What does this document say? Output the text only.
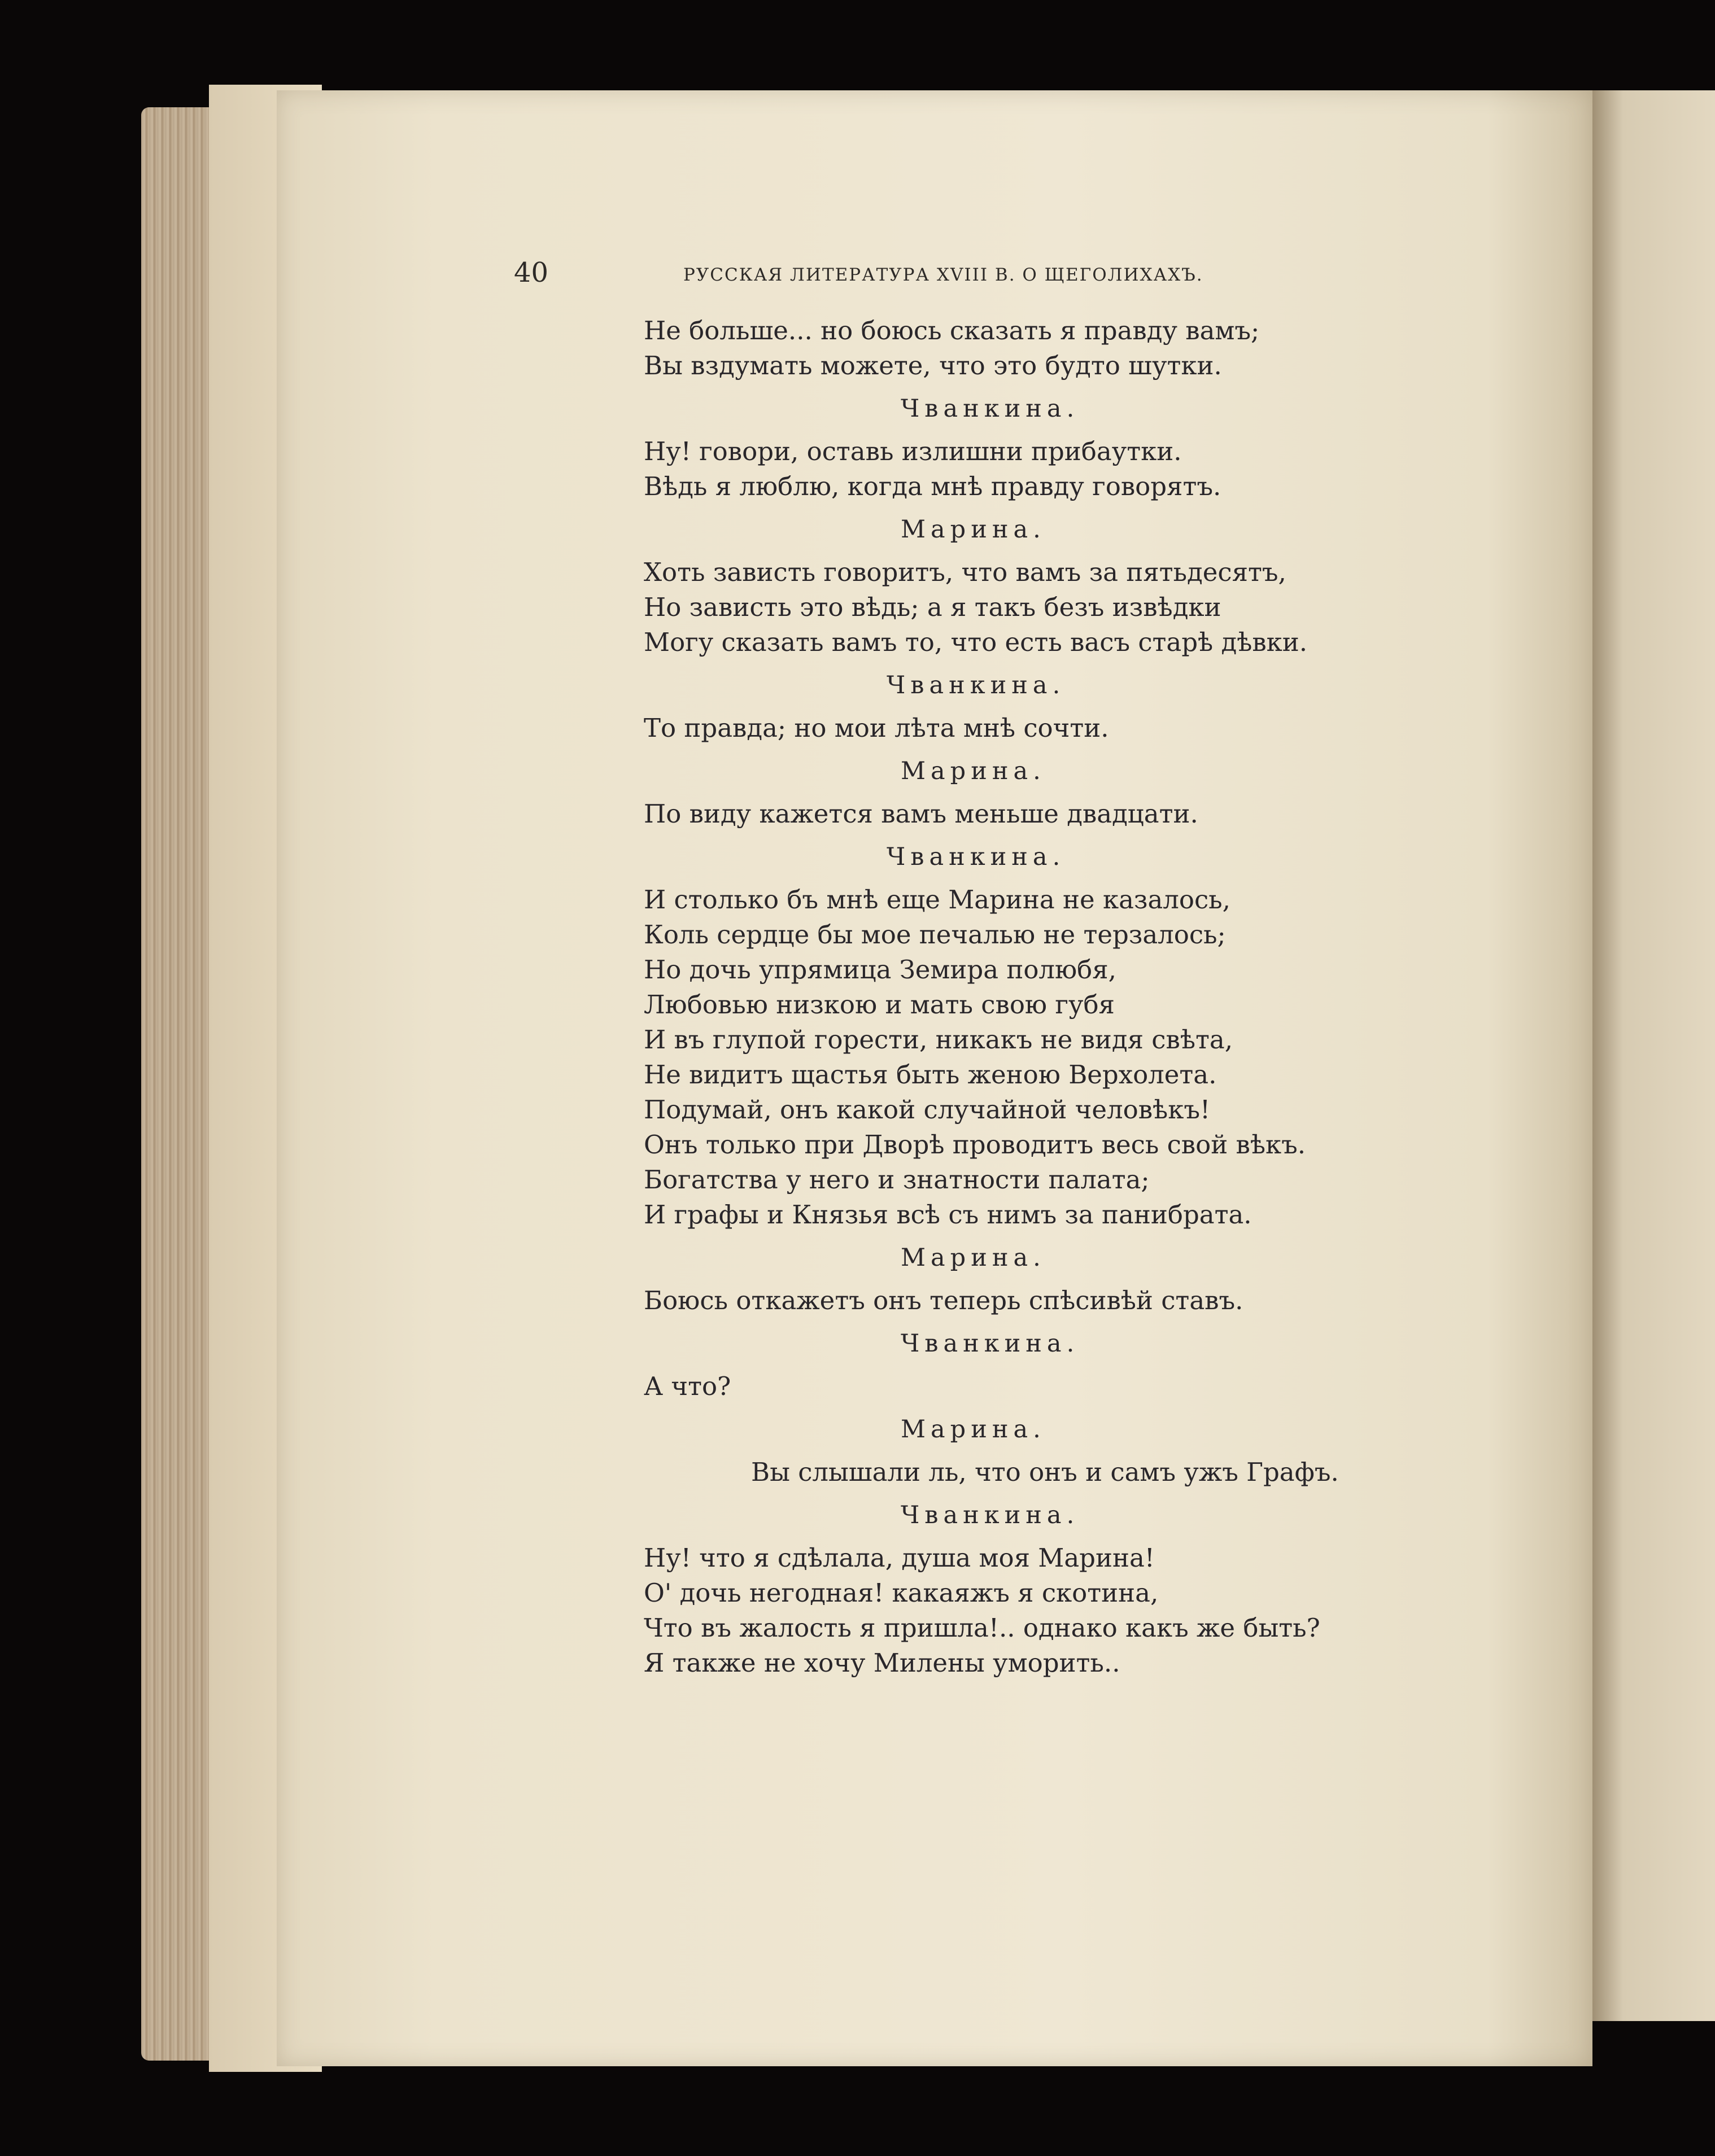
40	РУССКАЯ ЛИТЕРАТУРА XVIII В. О ЩЕГОЛИХАХЪ.
Не больше... но боюсь сказать я правду вамъ;
Вы вздумать можете, что это будто шутки.
Чванкина.
Ну! говори, оставь излишни прибаутки.
Вѣдь я люблю, когда мнѣ правду говорятъ.
Марина.
Хоть зависть говоритъ, что вамъ за пятьдесятъ,
Но зависть это вѣдь; а я такъ безъ извѣдки
Могу сказать вамъ то, что есть васъ старѣ дѣвки.
Чванкина.
То правда; но мои лѣта мнѣ сочти.
Марина.
По виду кажется вамъ меньше двадцати.
Чванкина.
И столько бъ мнѣ еще Марина не казалось,
Коль сердце бы мое печалью не терзалось;
Но дочь упрямица Земира полюбя,
Любовью низкою и мать свою губя
И въ глупой горести, никакъ не видя свѣта,
Не видитъ щастья быть женою Верхолета.
Подумай, онъ какой случайной человѣкъ!
Онъ только при Дворѣ проводитъ весь свой вѣкъ.
Богатства у него и знатности палата;
И графы и Князья всѣ съ нимъ за панибрата.
Марина.
Боюсь откажетъ онъ теперь спѣсивѣй ставъ.
Чванкина.
А что?
Марина.
Вы слышали ль, что онъ и самъ ужъ Графъ.
Чванкина.
Ну! что я сдѣлала, душа моя Марина!
О' дочь негодная! какаяжъ я скотина,
Что въ жалость я пришла!.. однако какъ же быть?
Я также не хочу Милены уморить..
